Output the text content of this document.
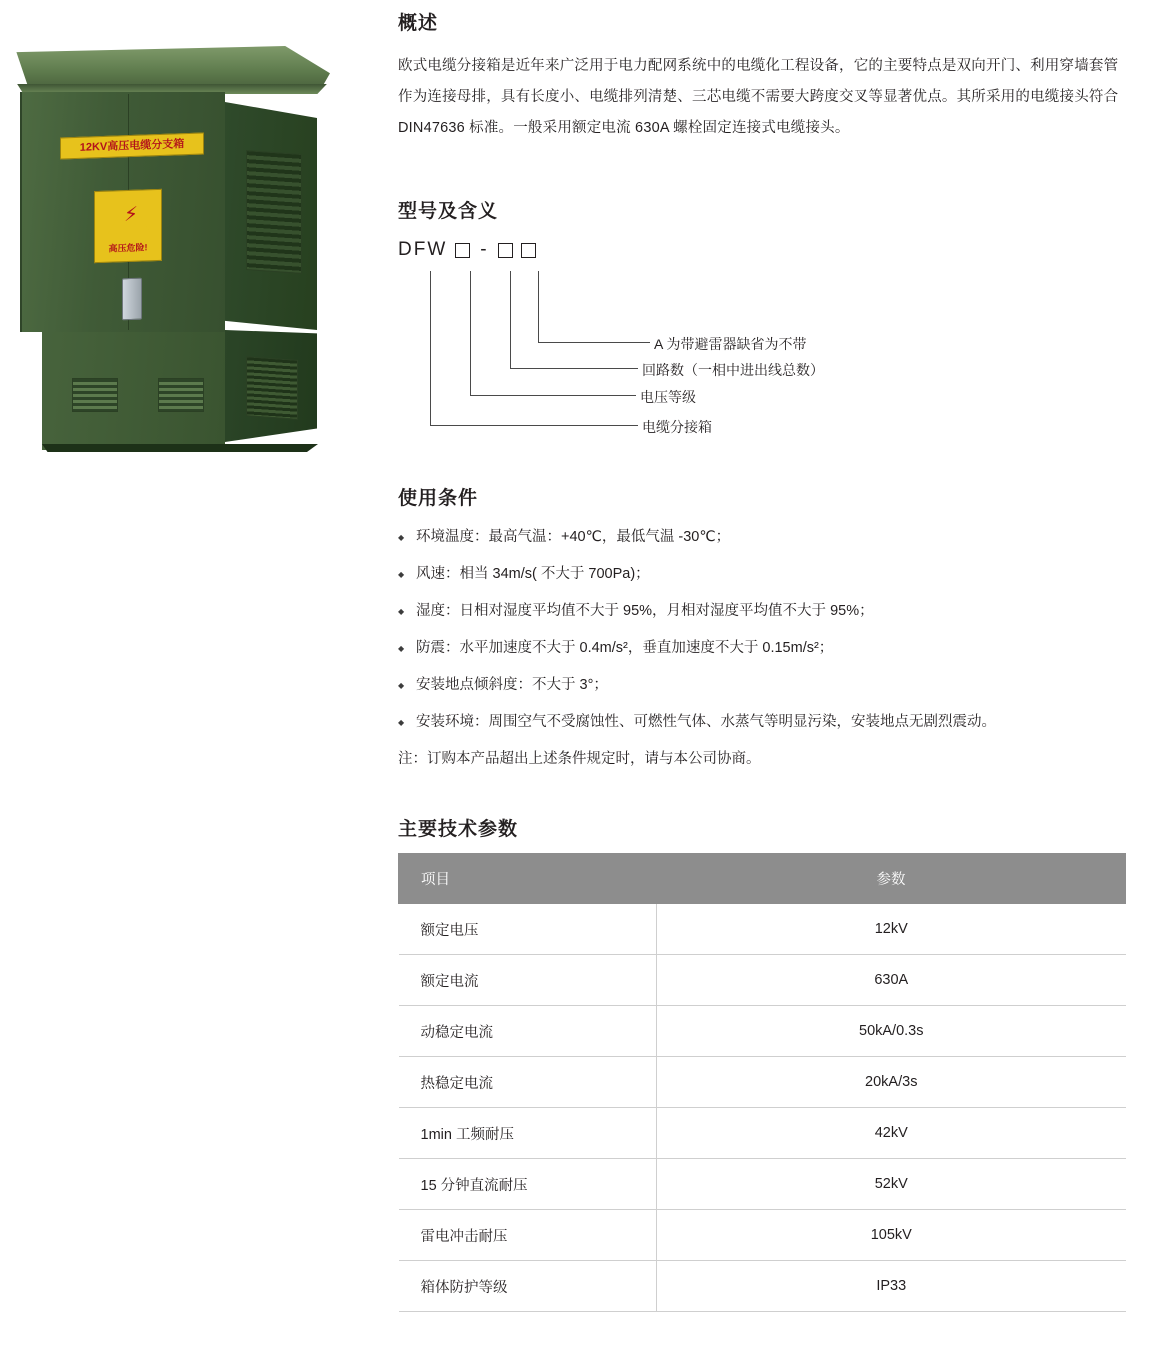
12KV高压电缆分支箱
⚡
高压危险!
概述

欧式电缆分接箱是近年来广泛用于电力配网系统中的电缆化工程设备，它的主要特点是双向开门、利用穿墙套管作为连接母排，具有长度小、电缆排列清楚、三芯电缆不需要大跨度交叉等显著优点。其所采用的电缆接头符合 DIN47636 标准。一般采用额定电流 630A 螺栓固定连接式电缆接头。

型号及含义
DFW -
A 为带避雷器缺省为不带
回路数（一相中进出线总数）
电压等级
电缆分接箱
使用条件
◆ 环境温度：最高气温：+40℃，最低气温 -30℃；
◆ 风速：相当 34m/s( 不大于 700Pa)；
◆ 湿度：日相对湿度平均值不大于 95%，月相对湿度平均值不大于 95%；
◆ 防震：水平加速度不大于 0.4m/s²，垂直加速度不大于 0.15m/s²；
◆ 安装地点倾斜度：不大于 3°；
◆ 安装环境：周围空气不受腐蚀性、可燃性气体、水蒸气等明显污染，安装地点无剧烈震动。
注：订购本产品超出上述条件规定时，请与本公司协商。
主要技术参数
项目	参数
额定电压	12kV
额定电流	630A
动稳定电流	50kA/0.3s
热稳定电流	20kA/3s
1min 工频耐压	42kV
15 分钟直流耐压	52kV
雷电冲击耐压	105kV
箱体防护等级	IP33
